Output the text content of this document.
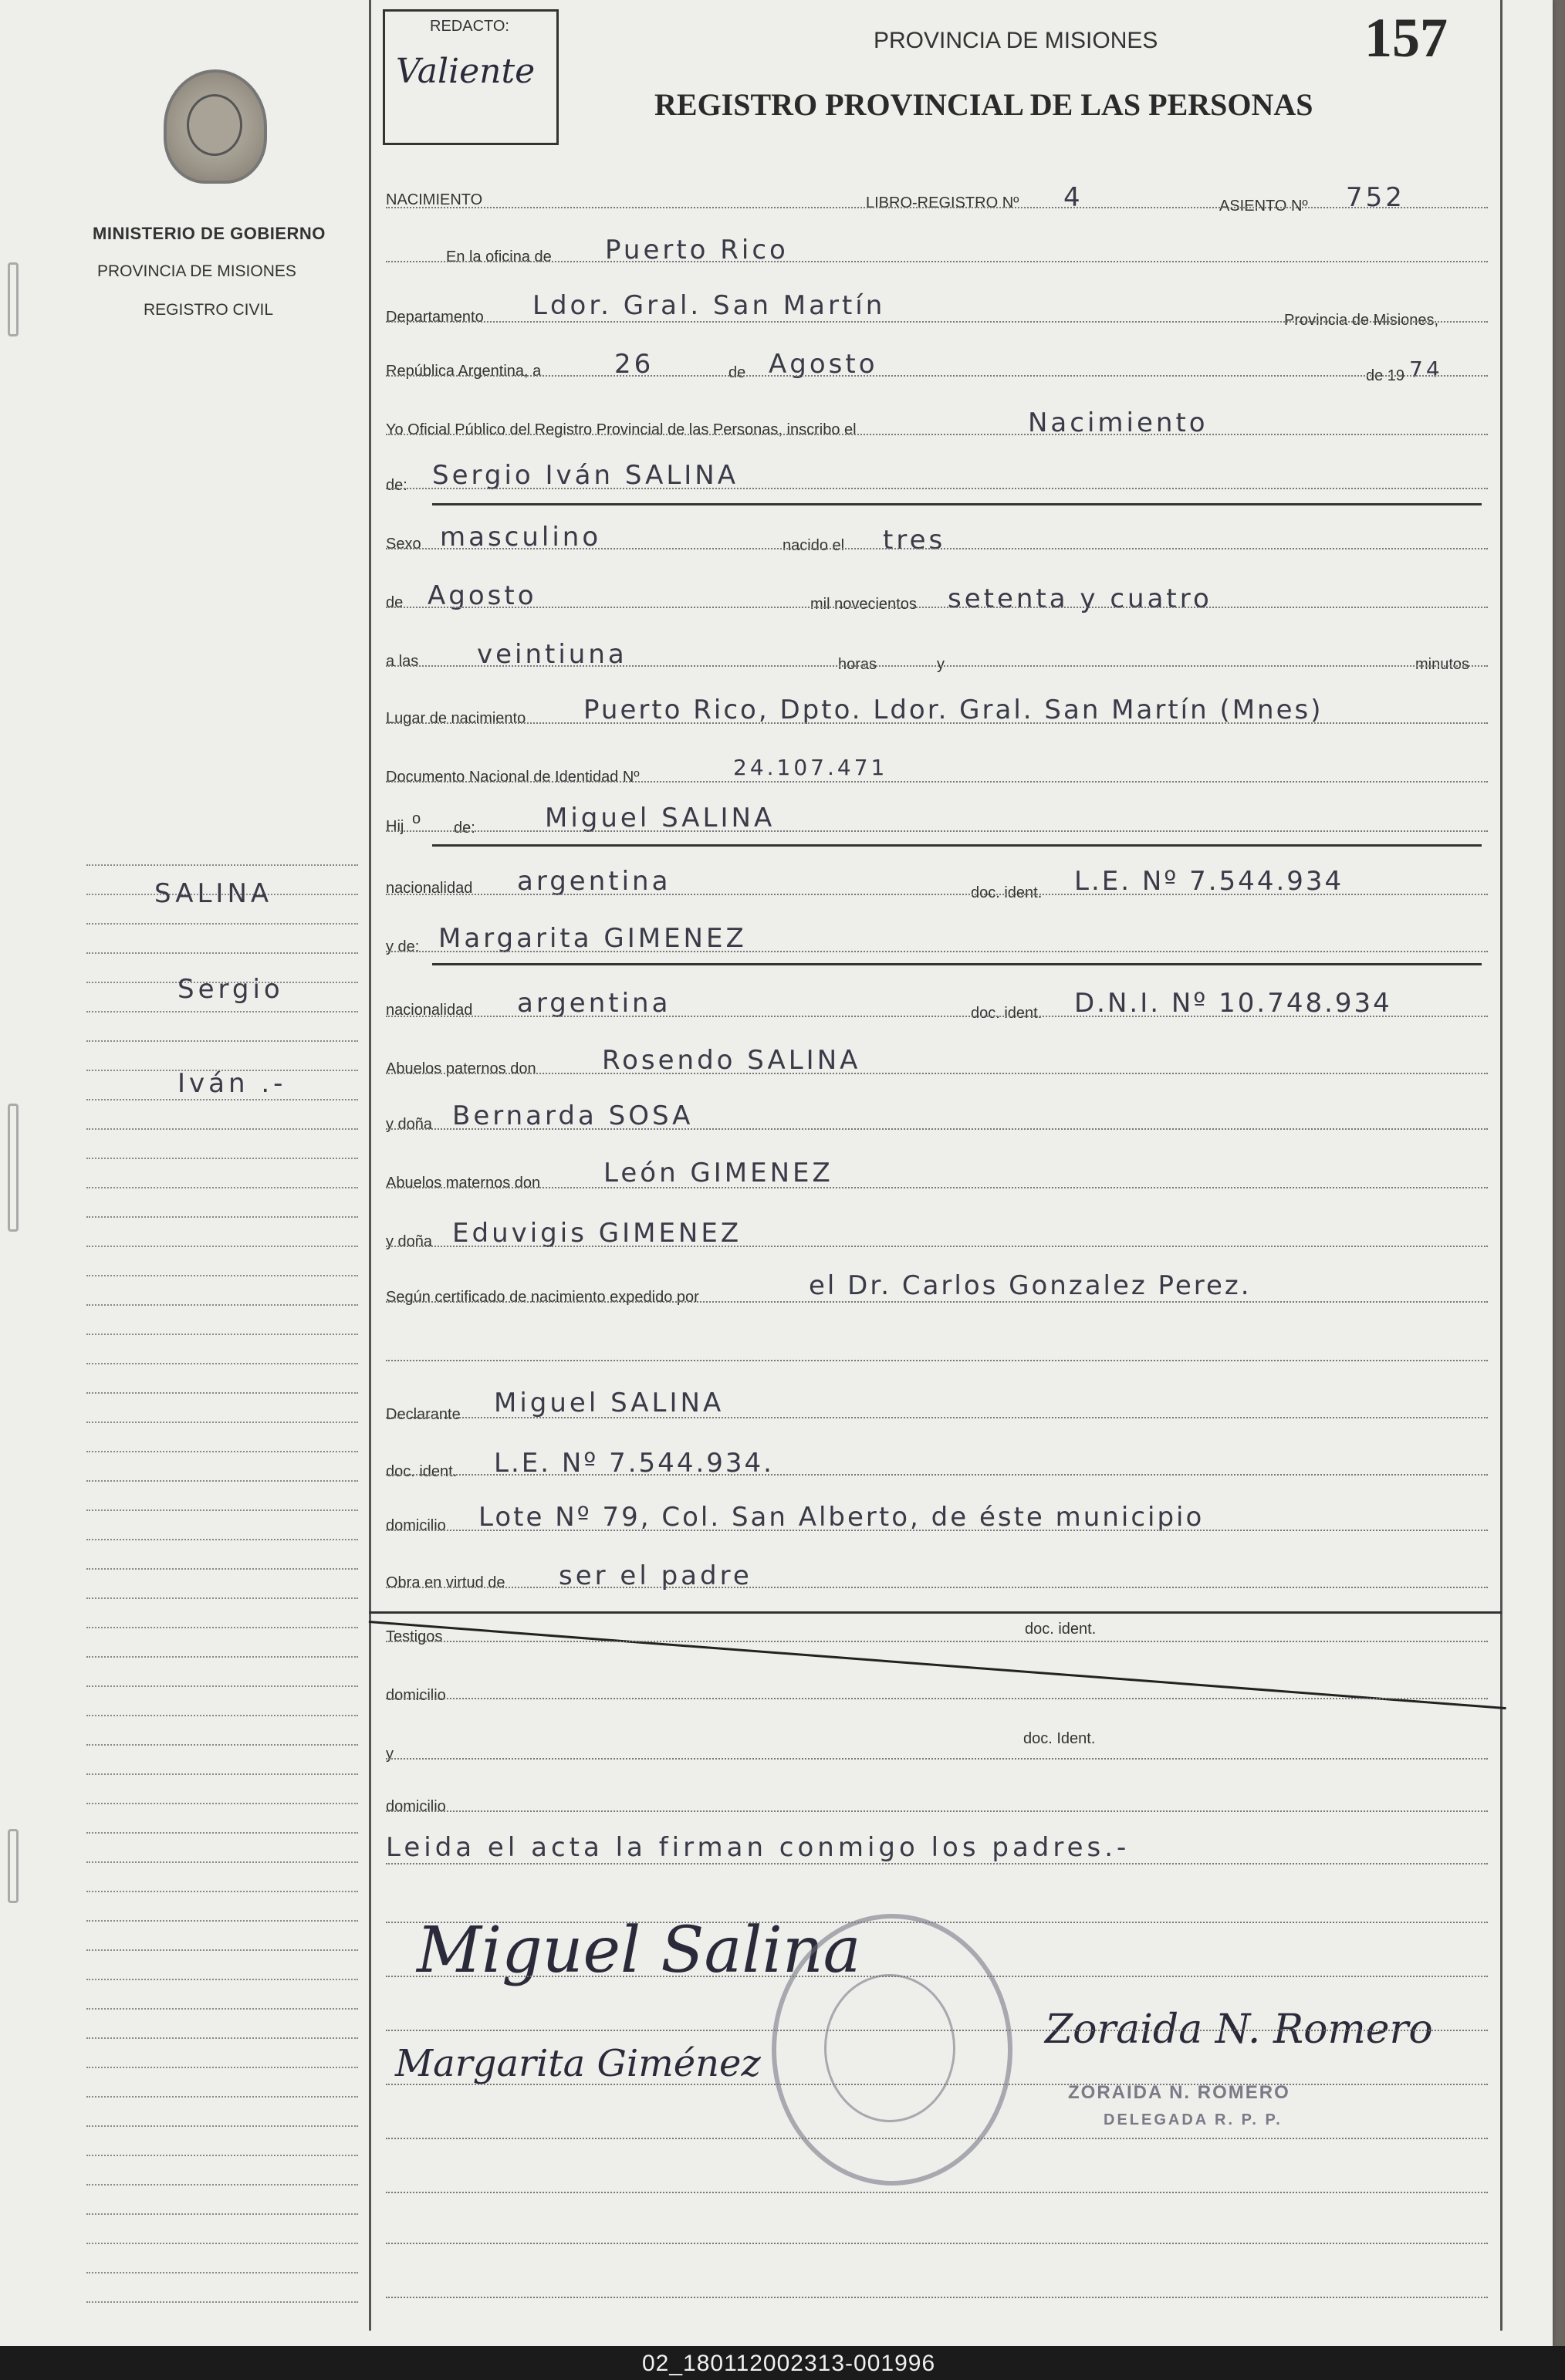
MINISTERIO DE GOBIERNO
PROVINCIA DE MISIONES
REGISTRO CIVIL
SALINA
Sergio
Iván .-
REDACTO:
Valiente
PROVINCIA DE MISIONES	157
REGISTRO PROVINCIAL DE LAS PERSONAS
NACIMIENTO	LIBRO-REGISTRO Nº 4	ASIENTO Nº 752
En la oficina de Puerto Rico
Departamento Ldor. Gral. San Martín	Provincia de Misiones,
República Argentina, a	26	de Agosto	de 19 74
Yo Oficial Público del Registro Provincial de las Personas, inscribo el	Nacimiento
de: Sergio Iván SALINA
Sexo masculino	nacido el tres
de Agosto	mil novecientos setenta y cuatro
a las veintiuna	horas	y	minutos
Lugar de nacimiento Puerto Rico, Dpto. Ldor. Gral. San Martín (Mnes)
Documento Nacional de Identidad Nº	24.107.471
Hij o
de:	Miguel SALINA
nacionalidad argentina	doc. ident. L.E. Nº 7.544.934
y de: Margarita GIMENEZ
nacionalidad argentina	doc. ident. D.N.I. Nº 10.748.934
Abuelos paternos don	Rosendo SALINA
y doña Bernarda SOSA
Abuelos maternos don León GIMENEZ
y doña Eduvigis GIMENEZ
Según certificado de nacimiento expedido por	el Dr. Carlos Gonzalez Perez.
Declarante Miguel SALINA
doc. ident. L.E. Nº 7.544.934.
domicilio Lote Nº 79, Col. San Alberto, de éste municipio
Obra en virtud de ser el padre
Testigos	doc. ident.
domicilio
y
doc. Ident.
domicilio
Leida el acta la firman conmigo los padres.-
Miguel Salina
Margarita Giménez
Zoraida N. Romero
ZORAIDA N. ROMERO
DELEGADA R. P. P.
02_180112002313-001996
